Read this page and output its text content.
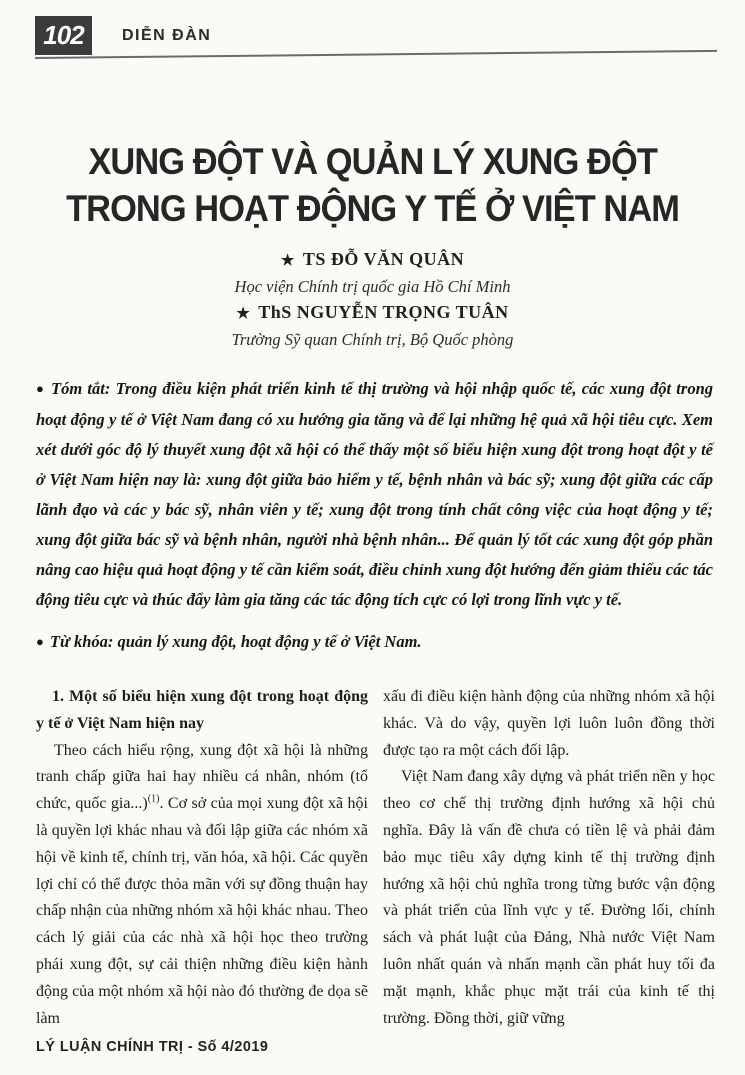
102	DIỄN ĐÀN
XUNG ĐỘT VÀ QUẢN LÝ XUNG ĐỘT
TRONG HOẠT ĐỘNG Y TẾ Ở VIỆT NAM
★ TS ĐỖ VĂN QUÂN
Học viện Chính trị quốc gia Hồ Chí Minh
★ ThS NGUYỄN TRỌNG TUÂN
Trường Sỹ quan Chính trị, Bộ Quốc phòng

● Tóm tắt: Trong điều kiện phát triển kinh tế thị trường và hội nhập quốc tế, các xung đột trong hoạt động y tế ở Việt Nam đang có xu hướng gia tăng và để lại những hệ quả xã hội tiêu cực. Xem xét dưới góc độ lý thuyết xung đột xã hội có thể thấy một số biểu hiện xung đột trong hoạt đột y tế ở Việt Nam hiện nay là: xung đột giữa bảo hiểm y tế, bệnh nhân và bác sỹ; xung đột giữa các cấp lãnh đạo và các y bác sỹ, nhân viên y tế; xung đột trong tính chất công việc của hoạt động y tế; xung đột giữa bác sỹ và bệnh nhân, người nhà bệnh nhân... Để quản lý tốt các xung đột góp phần nâng cao hiệu quả hoạt động y tế cần kiểm soát, điều chỉnh xung đột hướng đến giảm thiểu các tác động tiêu cực và thúc đẩy làm gia tăng các tác động tích cực có lợi trong lĩnh vực y tế.

● Từ khóa: quản lý xung đột, hoạt động y tế ở Việt Nam.

1. Một số biểu hiện xung đột trong hoạt động y tế ở Việt Nam hiện nay

Theo cách hiểu rộng, xung đột xã hội là những tranh chấp giữa hai hay nhiều cá nhân, nhóm (tổ chức, quốc gia...)$^{(1)}$. Cơ sở của mọi xung đột xã hội là quyền lợi khác nhau và đối lập giữa các nhóm xã hội về kinh tế, chính trị, văn hóa, xã hội. Các quyền lợi chỉ có thể được thỏa mãn với sự đồng thuận hay chấp nhận của những nhóm xã hội khác nhau. Theo cách lý giải của các nhà xã hội học theo trường phái xung đột, sự cải thiện những điều kiện hành động của một nhóm xã hội nào đó thường đe dọa sẽ làm

xấu đi điều kiện hành động của những nhóm xã hội khác. Và do vậy, quyền lợi luôn luôn đồng thời được tạo ra một cách đối lập.

Việt Nam đang xây dựng và phát triển nền y học theo cơ chế thị trường định hướng xã hội chủ nghĩa. Đây là vấn đề chưa có tiền lệ và phải đảm bảo mục tiêu xây dựng kinh tế thị trường định hướng xã hội chủ nghĩa trong từng bước vận động và phát triển của lĩnh vực y tế. Đường lối, chính sách và phát luật của Đảng, Nhà nước Việt Nam luôn nhất quán và nhấn mạnh cần phát huy tối đa mặt mạnh, khắc phục mặt trái của kinh tế thị trường. Đồng thời, giữ vững

LÝ LUẬN CHÍNH TRỊ - Số 4/2019
